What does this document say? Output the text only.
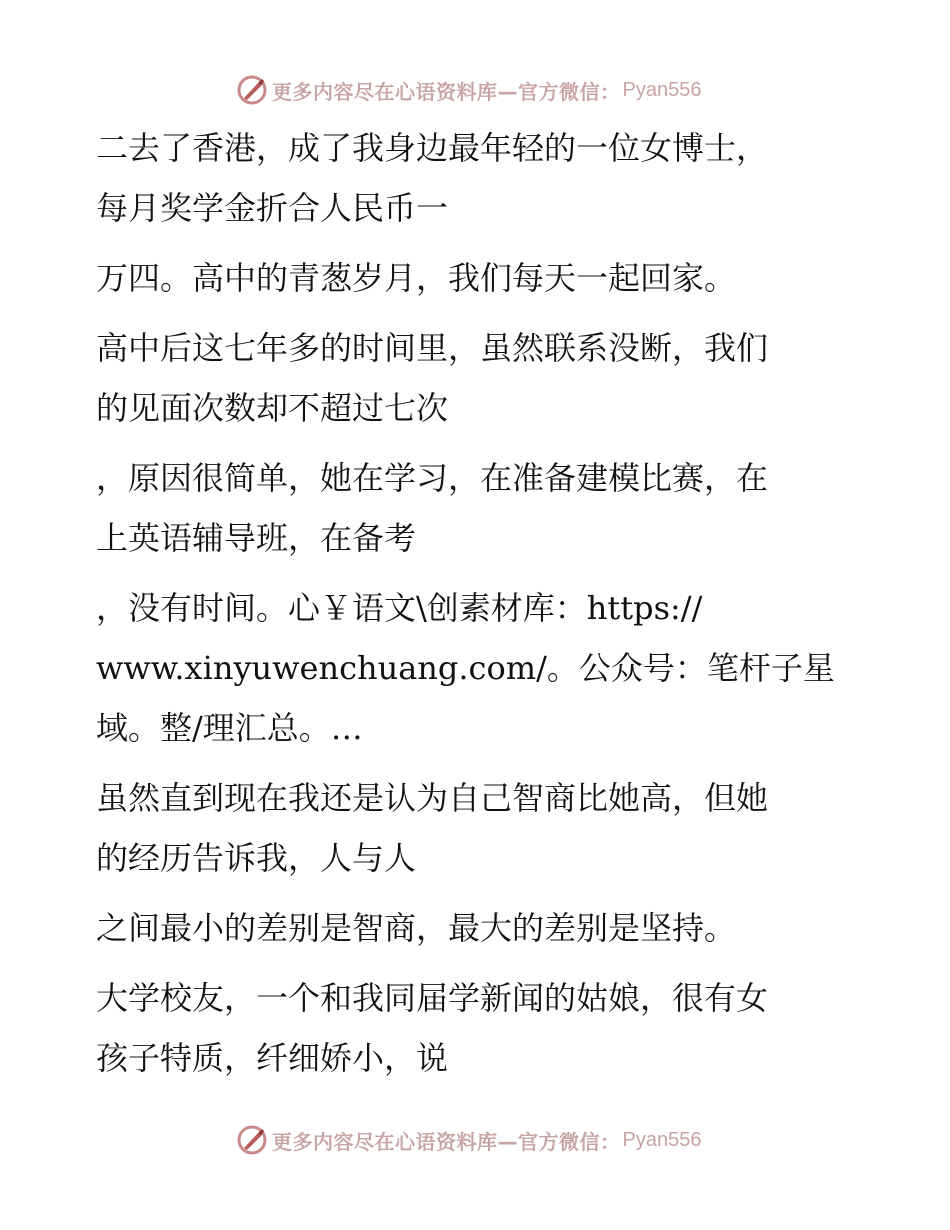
更多内容尽在心语资料库—官方微信： Pyan556

二去了香港，成了我身边最年轻的一位女博士，
每月奖学金折合人民币一

万四。高中的青葱岁月，我们每天一起回家。

高中后这七年多的时间里，虽然联系没断，我们
的见面次数却不超过七次

，原因很简单，她在学习，在准备建模比赛，在
上英语辅导班，在备考

，没有时间。心￥语文\创素材库：https://
www.xinyuwenchuang.com/。公众号：笔杆子星
域。整/理汇总。…

虽然直到现在我还是认为自己智商比她高，但她
的经历告诉我，人与人

之间最小的差别是智商，最大的差别是坚持。

大学校友，一个和我同届学新闻的姑娘，很有女
孩子特质，纤细娇小，说

更多内容尽在心语资料库—官方微信： Pyan556
